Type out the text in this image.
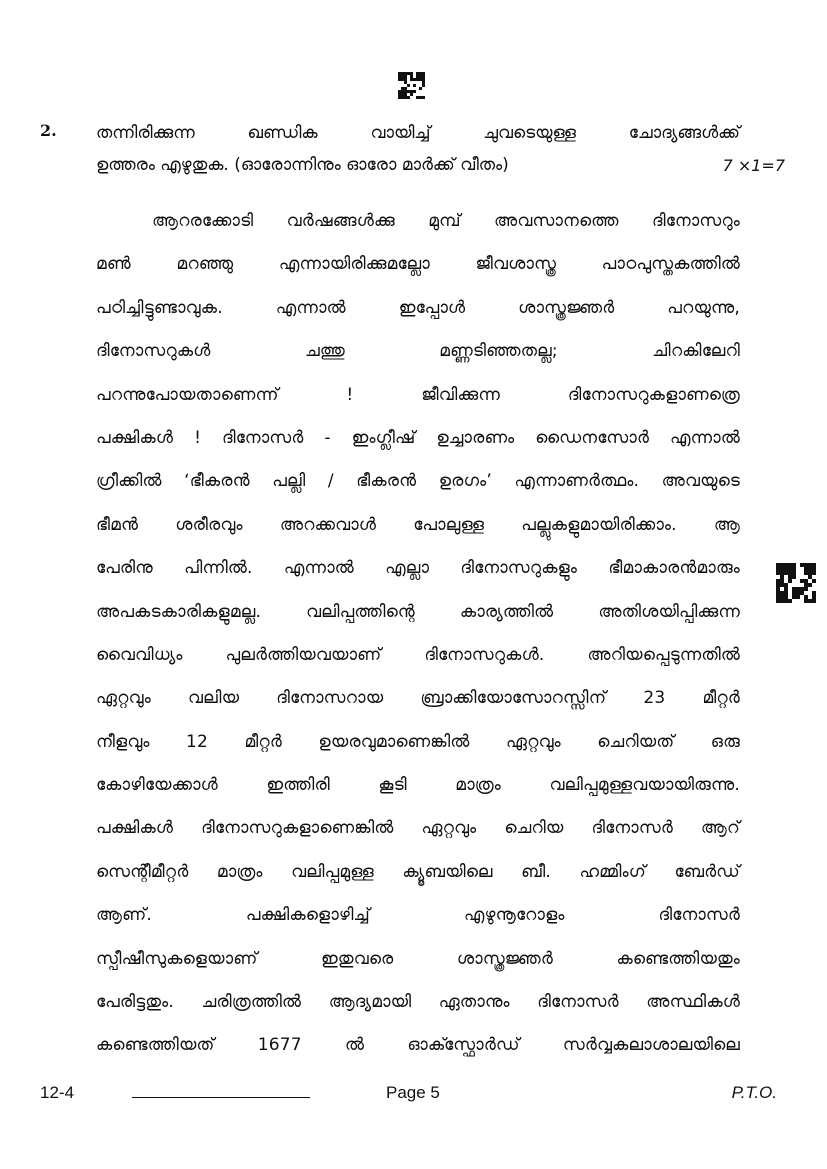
2. തന്നിരിക്കുന്ന ഖണ്ഡിക വായിച്ച് ചുവടെയുള്ള ചോദ്യങ്ങൾക്ക്
ഉത്തരം എഴുതുക. (ഓരോന്നിനും ഓരോ മാർക്ക് വീതം)	7 ×1=7
ആറരക്കോടി വർഷങ്ങൾക്കു മുമ്പ് അവസാനത്തെ ദിനോസറും
മൺ മറഞ്ഞു എന്നായിരിക്കുമല്ലോ ജീവശാസ്ത്ര പാഠപുസ്തകത്തിൽ
പഠിച്ചിട്ടുണ്ടാവുക. എന്നാൽ ഇപ്പോൾ ശാസ്ത്രജ്ഞർ പറയുന്നു,
ദിനോസറുകൾ ചത്തു മണ്ണടിഞ്ഞതല്ല; ചിറകിലേറി
പറന്നുപോയതാണെന്ന് ! ജീവിക്കുന്ന ദിനോസറുകളാണത്രെ
പക്ഷികൾ ! ദിനോസർ - ഇംഗ്ലീഷ് ഉച്ചാരണം ഡൈനസോർ എന്നാൽ
ഗ്രീക്കിൽ ‘ഭീകരൻ പല്ലി / ഭീകരൻ ഉരഗം’ എന്നാണർത്ഥം. അവയുടെ
ഭീമൻ ശരീരവും അറക്കവാൾ പോലുള്ള പല്ലുകളുമായിരിക്കാം. ആ
പേരിനു പിന്നിൽ. എന്നാൽ എല്ലാ ദിനോസറുകളും ഭീമാകാരൻമാരും
അപകടകാരികളുമല്ല. വലിപ്പത്തിന്റെ കാര്യത്തിൽ അതിശയിപ്പിക്കുന്ന
വൈവിധ്യം പുലർത്തിയവയാണ് ദിനോസറുകൾ. അറിയപ്പെടുന്നതിൽ
ഏറ്റവും വലിയ ദിനോസറായ ബ്രാക്കിയോസോറസ്സിന് 23 മീറ്റർ
നീളവും 12 മീറ്റർ ഉയരവുമാണെങ്കിൽ ഏറ്റവും ചെറിയത് ഒരു
കോഴിയേക്കാൾ ഇത്തിരി കൂടി മാത്രം വലിപ്പമുള്ളവയായിരുന്നു.
പക്ഷികൾ ദിനോസറുകളാണെങ്കിൽ ഏറ്റവും ചെറിയ ദിനോസർ ആറ്
സെന്റീമീറ്റർ മാത്രം വലിപ്പമുള്ള ക്യൂബയിലെ ബീ. ഹമ്മിംഗ് ബേർഡ്
ആണ്. പക്ഷികളൊഴിച്ച് എഴുനൂറോളം ദിനോസർ
സ്പീഷീസുകളെയാണ് ഇതുവരെ ശാസ്ത്രജ്ഞർ കണ്ടെത്തിയതും
പേരിട്ടതും. ചരിത്രത്തിൽ ആദ്യമായി ഏതാനും ദിനോസർ അസ്ഥികൾ
കണ്ടെത്തിയത് 1677 ൽ ഓക്സ്ഫോർഡ് സർവ്വകലാശാലയിലെ
12-4	Page 5	P.T.O.
